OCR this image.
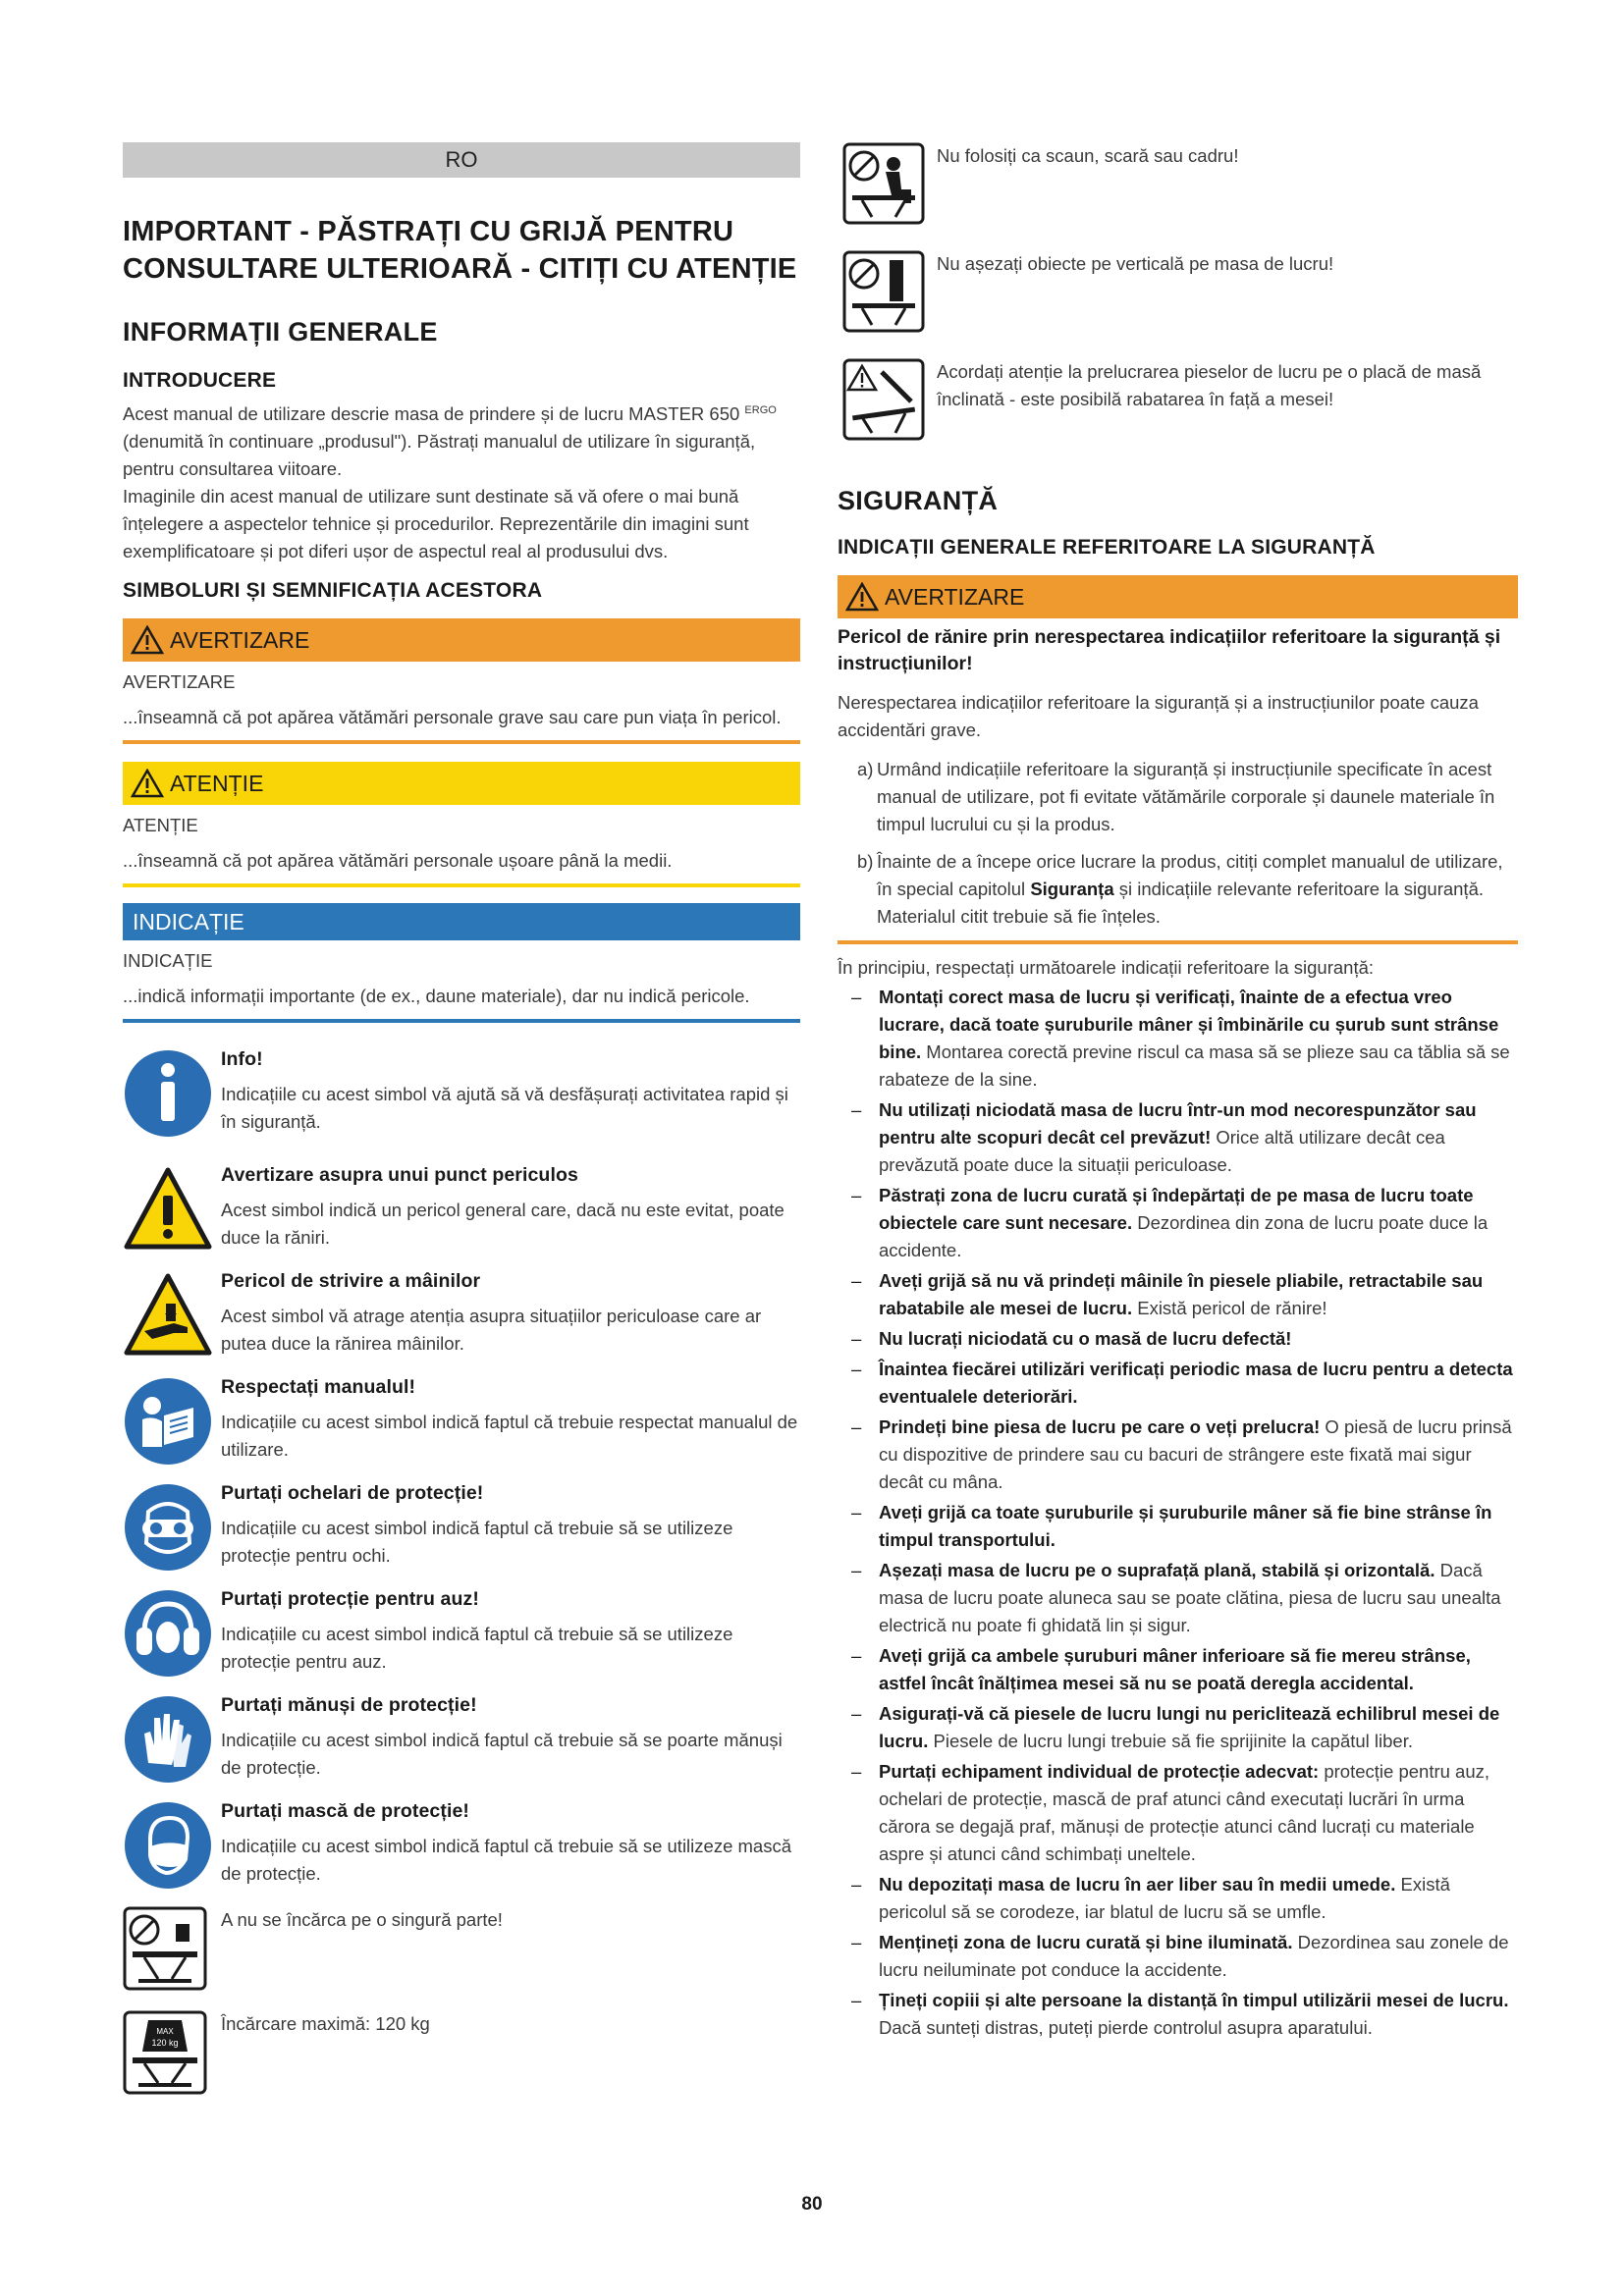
RO
IMPORTANT - PĂSTRAȚI CU GRIJĂ PENTRU
CONSULTARE ULTERIOARĂ - CITIȚI CU ATENȚIE
INFORMAȚII GENERALE
INTRODUCERE

Acest manual de utilizare descrie masa de prindere și de lucru MASTER 650 $^{ERGO}$ (denumită în continuare „produsul"). Păstrați manualul de utilizare în siguranță, pentru consultarea viitoare.

Imaginile din acest manual de utilizare sunt destinate să vă ofere o mai bună înțelegere a aspectelor tehnice și procedurilor. Reprezentările din imagini sunt exemplificatoare și pot diferi ușor de aspectul real al produsului dvs.

SIMBOLURI ȘI SEMNIFICAȚIA ACESTORA
AVERTIZARE
AVERTIZARE
...înseamnă că pot apărea vătămări personale grave sau care pun viața în pericol.
ATENȚIE
ATENȚIE
...înseamnă că pot apărea vătămări personale ușoare până la medii.
INDICAȚIE
INDICAȚIE
...indică informații importante (de ex., daune materiale), dar nu indică pericole.
Info!
Indicațiile cu acest simbol vă ajută să vă desfășurați activitatea rapid și în siguranță.
Avertizare asupra unui punct periculos
Acest simbol indică un pericol general care, dacă nu este evitat, poate duce la răniri.
Pericol de strivire a mâinilor
Acest simbol vă atrage atenția asupra situațiilor periculoase care ar putea duce la rănirea mâinilor.
Respectați manualul!
Indicațiile cu acest simbol indică faptul că trebuie respectat manualul de utilizare.
Purtați ochelari de protecție!
Indicațiile cu acest simbol indică faptul că trebuie să se utilizeze protecție pentru ochi.
Purtați protecție pentru auz!
Indicațiile cu acest simbol indică faptul că trebuie să se utilizeze protecție pentru auz.
Purtați mănuși de protecție!
Indicațiile cu acest simbol indică faptul că trebuie să se poarte mănuși de protecție.
Purtați mască de protecție!
Indicațiile cu acest simbol indică faptul că trebuie să se utilizeze mască de protecție.
A nu se încărca pe o singură parte!
MAX
120 kg
Încărcare maximă: 120 kg
Nu folosiți ca scaun, scară sau cadru!
Nu așezați obiecte pe verticală pe masa de lucru!
Acordați atenție la prelucrarea pieselor de lucru pe o placă de masă înclinată - este posibilă rabatarea în față a mesei!
SIGURANȚĂ
INDICAȚII GENERALE REFERITOARE LA SIGURANȚĂ
AVERTIZARE
Pericol de rănire prin nerespectarea indicațiilor referitoare la siguranță și instrucțiunilor!
Nerespectarea indicațiilor referitoare la siguranță și a instrucțiunilor poate cauza accidentări grave.
a) Urmând indicațiile referitoare la siguranță și instrucțiunile specificate în acest manual de utilizare, pot fi evitate vătămările corporale și daunele materiale în timpul lucrului cu și la produs.
b) Înainte de a începe orice lucrare la produs, citiți complet manualul de utilizare, în special capitolul Siguranța și indicațiile relevante referitoare la siguranță. Materialul citit trebuie să fie înțeles.
În principiu, respectați următoarele indicații referitoare la siguranță:
– Montați corect masa de lucru și verificați, înainte de a efectua vreo lucrare, dacă toate șuruburile mâner și îmbinările cu șurub sunt strânse bine. Montarea corectă previne riscul ca masa să se plieze sau ca tăblia să se rabateze de la sine.
– Nu utilizați niciodată masa de lucru într-un mod necorespunzător sau pentru alte scopuri decât cel prevăzut! Orice altă utilizare decât cea prevăzută poate duce la situații periculoase.
– Păstrați zona de lucru curată și îndepărtați de pe masa de lucru toate obiectele care sunt necesare. Dezordinea din zona de lucru poate duce la accidente.
– Aveți grijă să nu vă prindeți mâinile în piesele pliabile, retractabile sau rabatabile ale mesei de lucru. Există pericol de rănire!
– Nu lucrați niciodată cu o masă de lucru defectă!
– Înaintea fiecărei utilizări verificați periodic masa de lucru pentru a detecta eventualele deteriorări.
– Prindeți bine piesa de lucru pe care o veți prelucra! O piesă de lucru prinsă cu dispozitive de prindere sau cu bacuri de strângere este fixată mai sigur decât cu mâna.
– Aveți grijă ca toate șuruburile și șuruburile mâner să fie bine strânse în timpul transportului.
– Așezați masa de lucru pe o suprafață plană, stabilă și orizontală. Dacă masa de lucru poate aluneca sau se poate clătina, piesa de lucru sau unealta electrică nu poate fi ghidată lin și sigur.
– Aveți grijă ca ambele șuruburi mâner inferioare să fie mereu strânse, astfel încât înălțimea mesei să nu se poată deregla accidental.
– Asigurați-vă că piesele de lucru lungi nu periclitează echilibrul mesei de lucru. Piesele de lucru lungi trebuie să fie sprijinite la capătul liber.
– Purtați echipament individual de protecție adecvat: protecție pentru auz, ochelari de protecție, mască de praf atunci când executați lucrări în urma cărora se degajă praf, mănuși de protecție atunci când lucrați cu materiale aspre și atunci când schimbați uneltele.
– Nu depozitați masa de lucru în aer liber sau în medii umede. Există pericolul să se corodeze, iar blatul de lucru să se umfle.
– Mențineți zona de lucru curată și bine iluminată. Dezordinea sau zonele de lucru neiluminate pot conduce la accidente.
– Țineți copiii și alte persoane la distanță în timpul utilizării mesei de lucru. Dacă sunteți distras, puteți pierde controlul asupra aparatului.
80
